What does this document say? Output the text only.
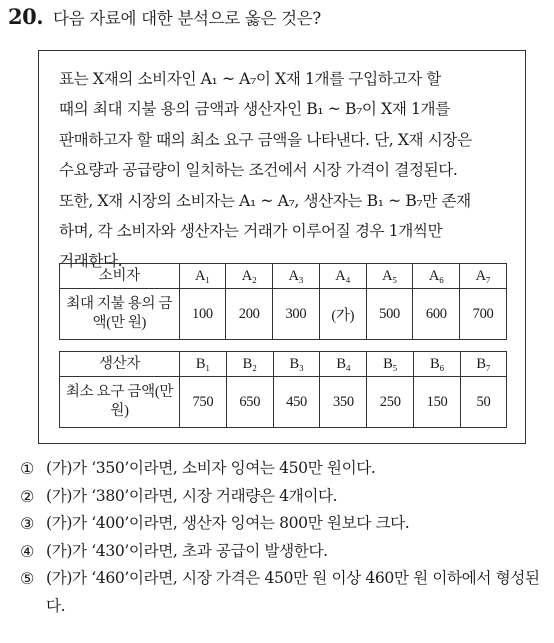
20. 다음 자료에 대한 분석으로 옳은 것은?
표는 X재의 소비자인 A₁ ~ A₇이 X재 1개를 구입하고자 할
때의 최대 지불 용의 금액과 생산자인 B₁ ~ B₇이 X재 1개를
판매하고자 할 때의 최소 요구 금액을 나타낸다. 단, X재 시장은
수요량과 공급량이 일치하는 조건에서 시장 가격이 결정된다.
또한, X재 시장의 소비자는 A₁ ~ A₇, 생산자는 B₁ ~ B₇만 존재
하며, 각 소비자와 생산자는 거래가 이루어질 경우 1개씩만
거래한다.
소비자	A₁	A₂	A₃	A₄	A₅	A₆	A₇
최대 지불 용의 금액(만 원)	100	200	300	(가)	500	600	700
생산자	B₁	B₂	B₃	B₄	B₅	B₆	B₇
최소 요구 금액(만 원)	750	650	450	350	250	150	50
① (가)가 ‘350’이라면, 소비자 잉여는 450만 원이다.
② (가)가 ‘380’이라면, 시장 거래량은 4개이다.
③ (가)가 ‘400’이라면, 생산자 잉여는 800만 원보다 크다.
④ (가)가 ‘430’이라면, 초과 공급이 발생한다.
⑤ (가)가 ‘460’이라면, 시장 가격은 450만 원 이상 460만 원 이하에서 형성된다.
